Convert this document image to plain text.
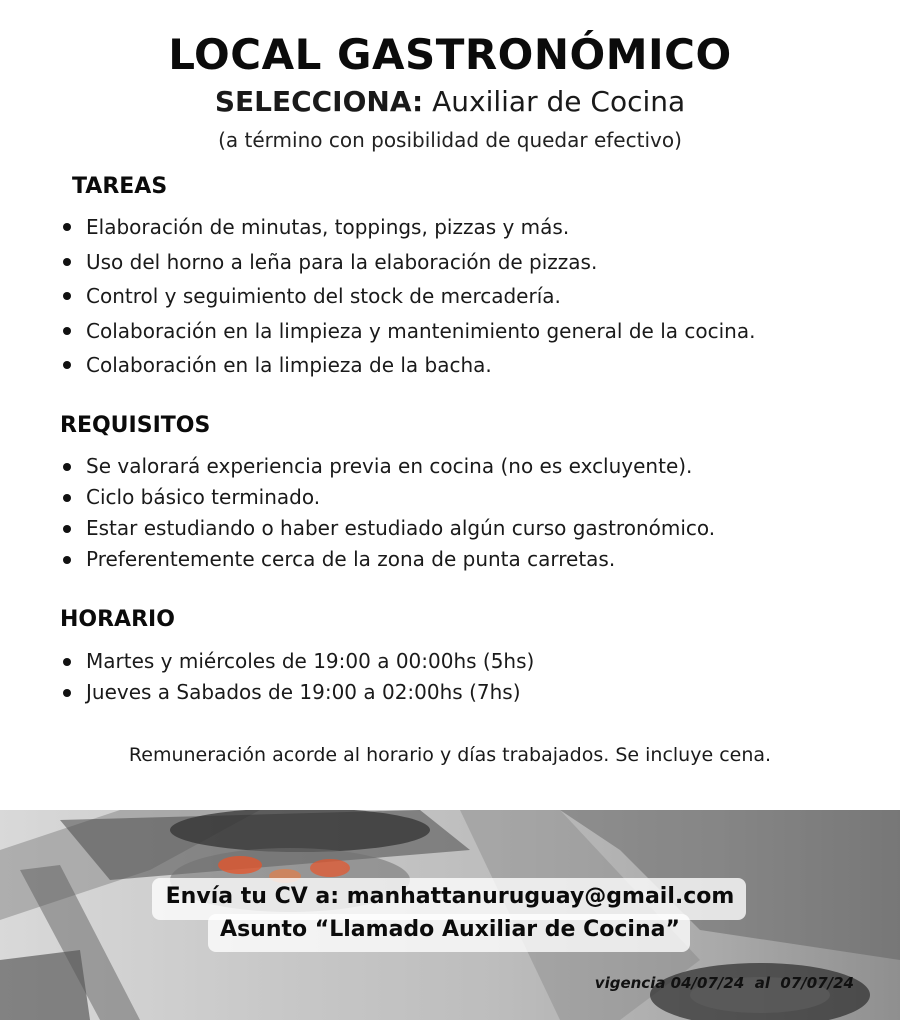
LOCAL GASTRONÓMICO
SELECCIONA: Auxiliar de Cocina
(a término con posibilidad de quedar efectivo)
TAREAS
Elaboración de minutas, toppings, pizzas y más.
Uso del horno a leña para la elaboración de pizzas.
Control y seguimiento del stock de mercadería.
Colaboración en la limpieza y mantenimiento general de la cocina.
Colaboración en la limpieza de la bacha.
REQUISITOS
Se valorará experiencia previa en cocina (no es excluyente).
Ciclo básico terminado.
Estar estudiando o haber estudiado algún curso gastronómico.
Preferentemente cerca de la zona de punta carretas.
HORARIO
Martes y miércoles de 19:00 a 00:00hs (5hs)
Jueves a Sabados de 19:00 a 02:00hs (7hs)
Remuneración acorde al horario y días trabajados. Se incluye cena.
Envía tu CV a: manhattanuruguay@gmail.com
Asunto “Llamado Auxiliar de Cocina”
vigencia 04/07/24  al  07/07/24
